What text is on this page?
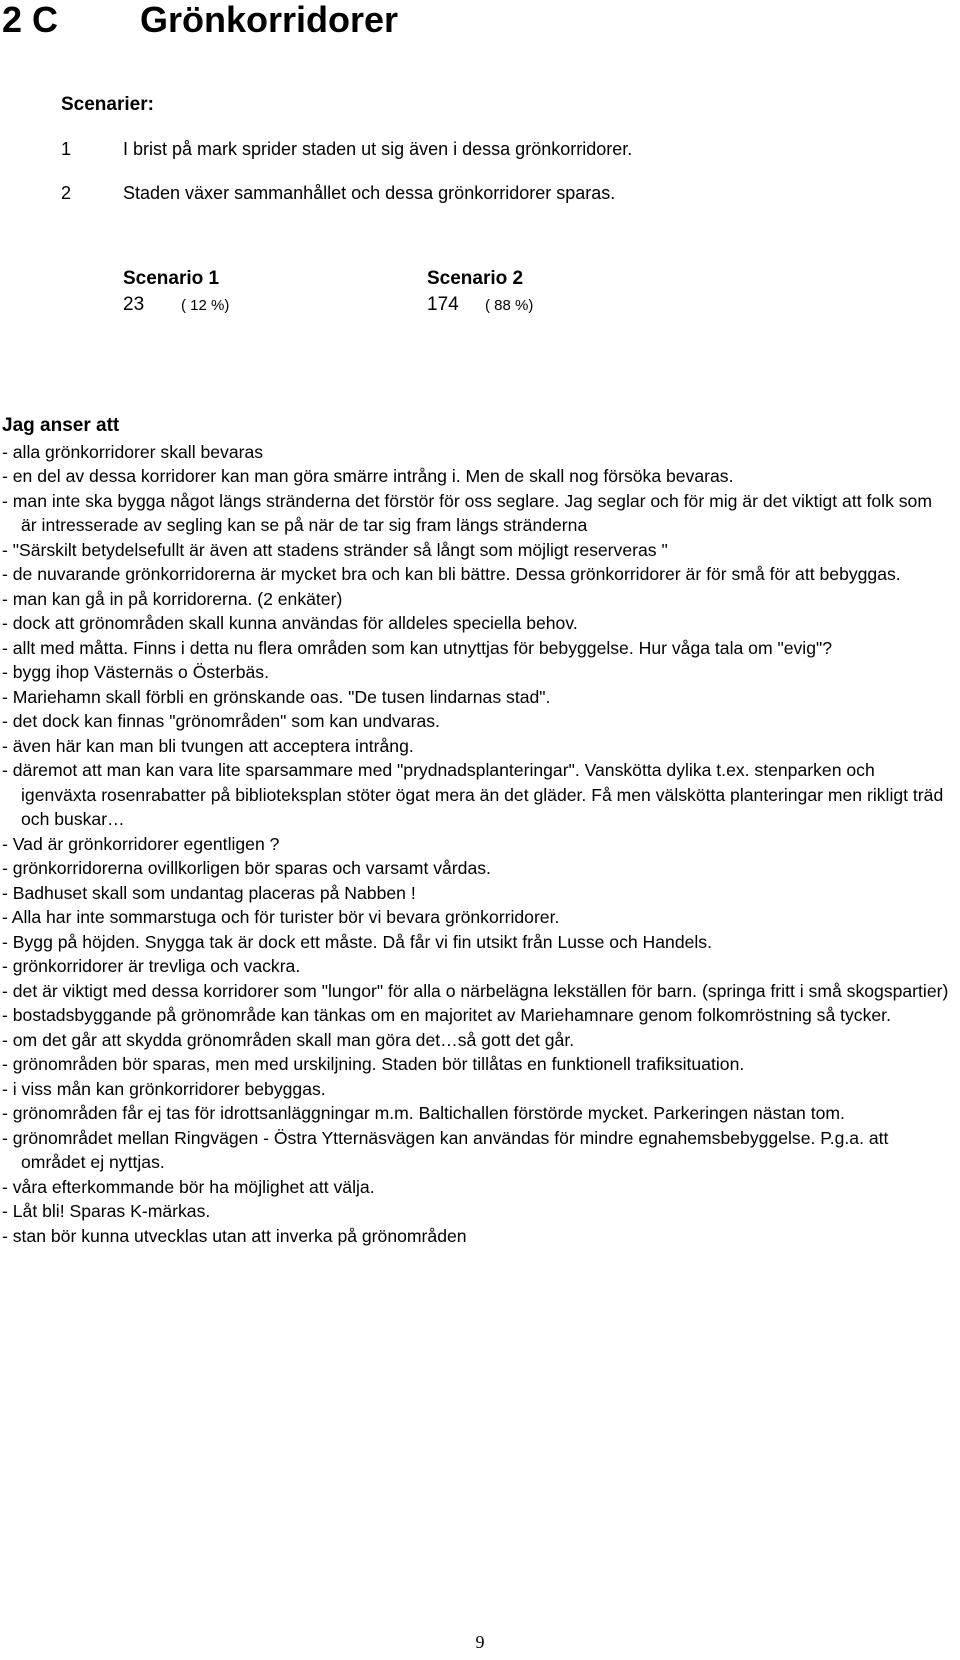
2 C Grönkorridorer
Scenarier:
1	I brist på mark sprider staden ut sig även i dessa grönkorridorer.
2	Staden växer sammanhållet och dessa grönkorridorer sparas.
Scenario 1	Scenario 2
23	( 12 %)	174	( 88 %)
Jag anser att
- alla grönkorridorer skall bevaras
- en del av dessa korridorer kan man göra smärre intrång i. Men de skall nog försöka bevaras.
- man inte ska bygga något längs stränderna det förstör för oss seglare. Jag seglar och för mig är det viktigt att folk som är intresserade av segling kan se på när de tar sig fram längs stränderna
- "Särskilt betydelsefullt är även att stadens stränder så långt som möjligt reserveras "
- de nuvarande grönkorridorerna är mycket bra och kan bli bättre. Dessa grönkorridorer är för små för att bebyggas.
- man kan gå in på korridorerna. (2 enkäter)
- dock att grönområden skall kunna användas för alldeles speciella behov.
- allt med måtta. Finns i detta nu flera områden som kan utnyttjas för bebyggelse. Hur våga tala om "evig"?
- bygg ihop Västernäs o Österbäs.
- Mariehamn skall förbli en grönskande oas. "De tusen lindarnas stad".
- det dock kan finnas "grönområden" som kan undvaras.
- även här kan man bli tvungen att acceptera intrång.
- däremot att man kan vara lite sparsammare med "prydnadsplanteringar". Vanskötta dylika t.ex. stenparken och igenväxta rosenrabatter på biblioteksplan stöter ögat mera än det gläder. Få men välskötta planteringar men rikligt träd och buskar…
- Vad är grönkorridorer egentligen ?
- grönkorridorerna ovillkorligen bör sparas och varsamt vårdas.
- Badhuset skall som undantag placeras på Nabben !
- Alla har inte sommarstuga och för turister bör vi bevara grönkorridorer.
- Bygg på höjden. Snygga tak är dock ett måste. Då får vi fin utsikt från Lusse och Handels.
- grönkorridorer är trevliga och vackra.
- det är viktigt med dessa korridorer som "lungor" för alla o närbelägna lekställen för barn. (springa fritt i små skogspartier)
- bostadsbyggande på grönområde kan tänkas om en majoritet av Mariehamnare genom folkomröstning så tycker.
- om det går att skydda grönområden skall man göra det…så gott det går.
- grönområden bör sparas, men med urskiljning. Staden bör tillåtas en funktionell trafiksituation.
- i viss mån kan grönkorridorer bebyggas.
- grönområden får ej tas för idrottsanläggningar m.m. Baltichallen förstörde mycket. Parkeringen nästan tom.
- grönområdet mellan Ringvägen - Östra Ytternäsvägen kan användas för mindre egnahemsbebyggelse. P.g.a. att området ej nyttjas.
- våra efterkommande bör ha möjlighet att välja.
- Låt bli! Sparas K-märkas.
- stan bör kunna utvecklas utan att inverka på grönområden
9
